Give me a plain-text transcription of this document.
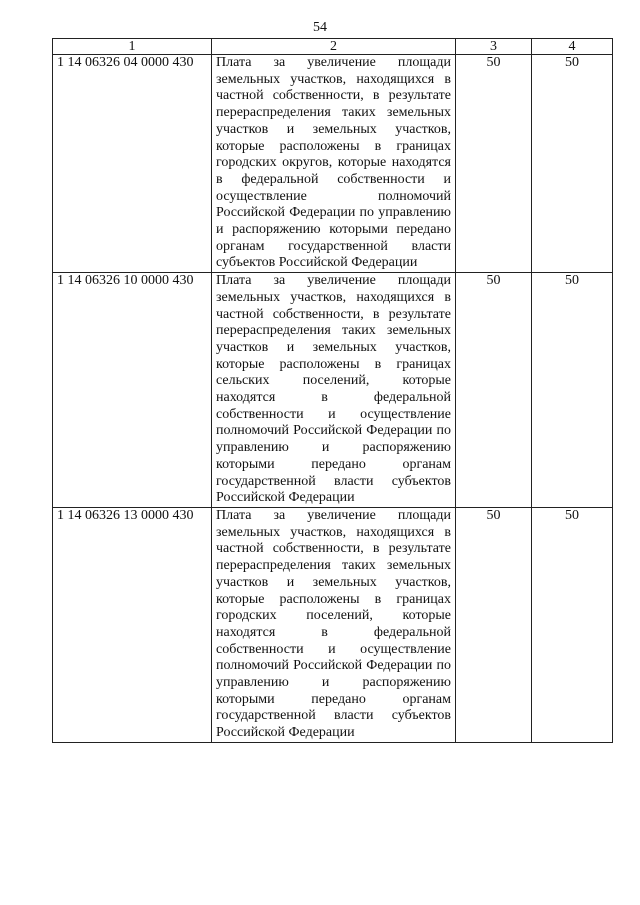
54
1	2	3	4
1 14 06326 04 0000 430	Плата за увеличение площади земельных участков, находящихся в частной собственности, в результате перераспределения таких земельных участков и земельных участков, которые расположены в границах городских округов, которые находятся в федеральной собственности и осуществление полномочий Российской Федерации по управлению и распоряжению которыми передано органам государственной власти субъектов Российской Федерации	50	50
1 14 06326 10 0000 430	Плата за увеличение площади земельных участков, находящихся в частной собственности, в результате перераспределения таких земельных участков и земельных участков, которые расположены в границах сельских поселений, которые находятся в федеральной собственности и осуществление полномочий Российской Федерации по управлению и распоряжению которыми передано органам государственной власти субъектов Российской Федерации	50	50
1 14 06326 13 0000 430	Плата за увеличение площади земельных участков, находящихся в частной собственности, в результате перераспределения таких земельных участков и земельных участков, которые расположены в границах городских поселений, которые находятся в федеральной собственности и осуществление полномочий Российской Федерации по управлению и распоряжению которыми передано органам государственной власти субъектов Российской Федерации	50	50
